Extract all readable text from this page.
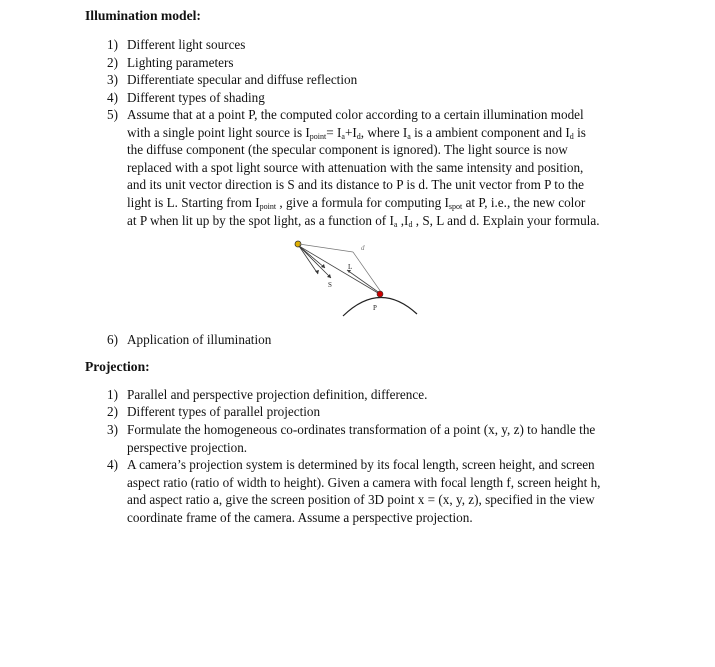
Illumination model:
1) Different light sources
2) Lighting parameters
3) Differentiate specular and diffuse reflection
4) Different types of shading
5) Assume that at a point P, the computed color according to a certain illumination model
with a single point light source is $I_{point}= I_a+I_d$, where $I_a$ is a ambient component and $I_d$ is
the diffuse component (the specular component is ignored). The light source is now
replaced with a spot light source with attenuation with the same intensity and position,
and its unit vector direction is S and its distance to P is d. The unit vector from P to the
light is L. Starting from $I_{point}$ , give a formula for computing $I_{spot}$ at P, i.e., the new color
at P when lit up by the spot light, as a function of $I_a$ $,I_d$ , S, L and d. Explain your formula.
d
L
S
P
6) Application of illumination
Projection:
1) Parallel and perspective projection definition, difference.
2) Different types of parallel projection
3) Formulate the homogeneous co-ordinates transformation of a point (x, y, z) to handle the
perspective projection.
4) A camera’s projection system is determined by its focal length, screen height, and screen
aspect ratio (ratio of width to height). Given a camera with focal length f, screen height h,
and aspect ratio a, give the screen position of 3D point x = (x, y, z), specified in the view
coordinate frame of the camera. Assume a perspective projection.
